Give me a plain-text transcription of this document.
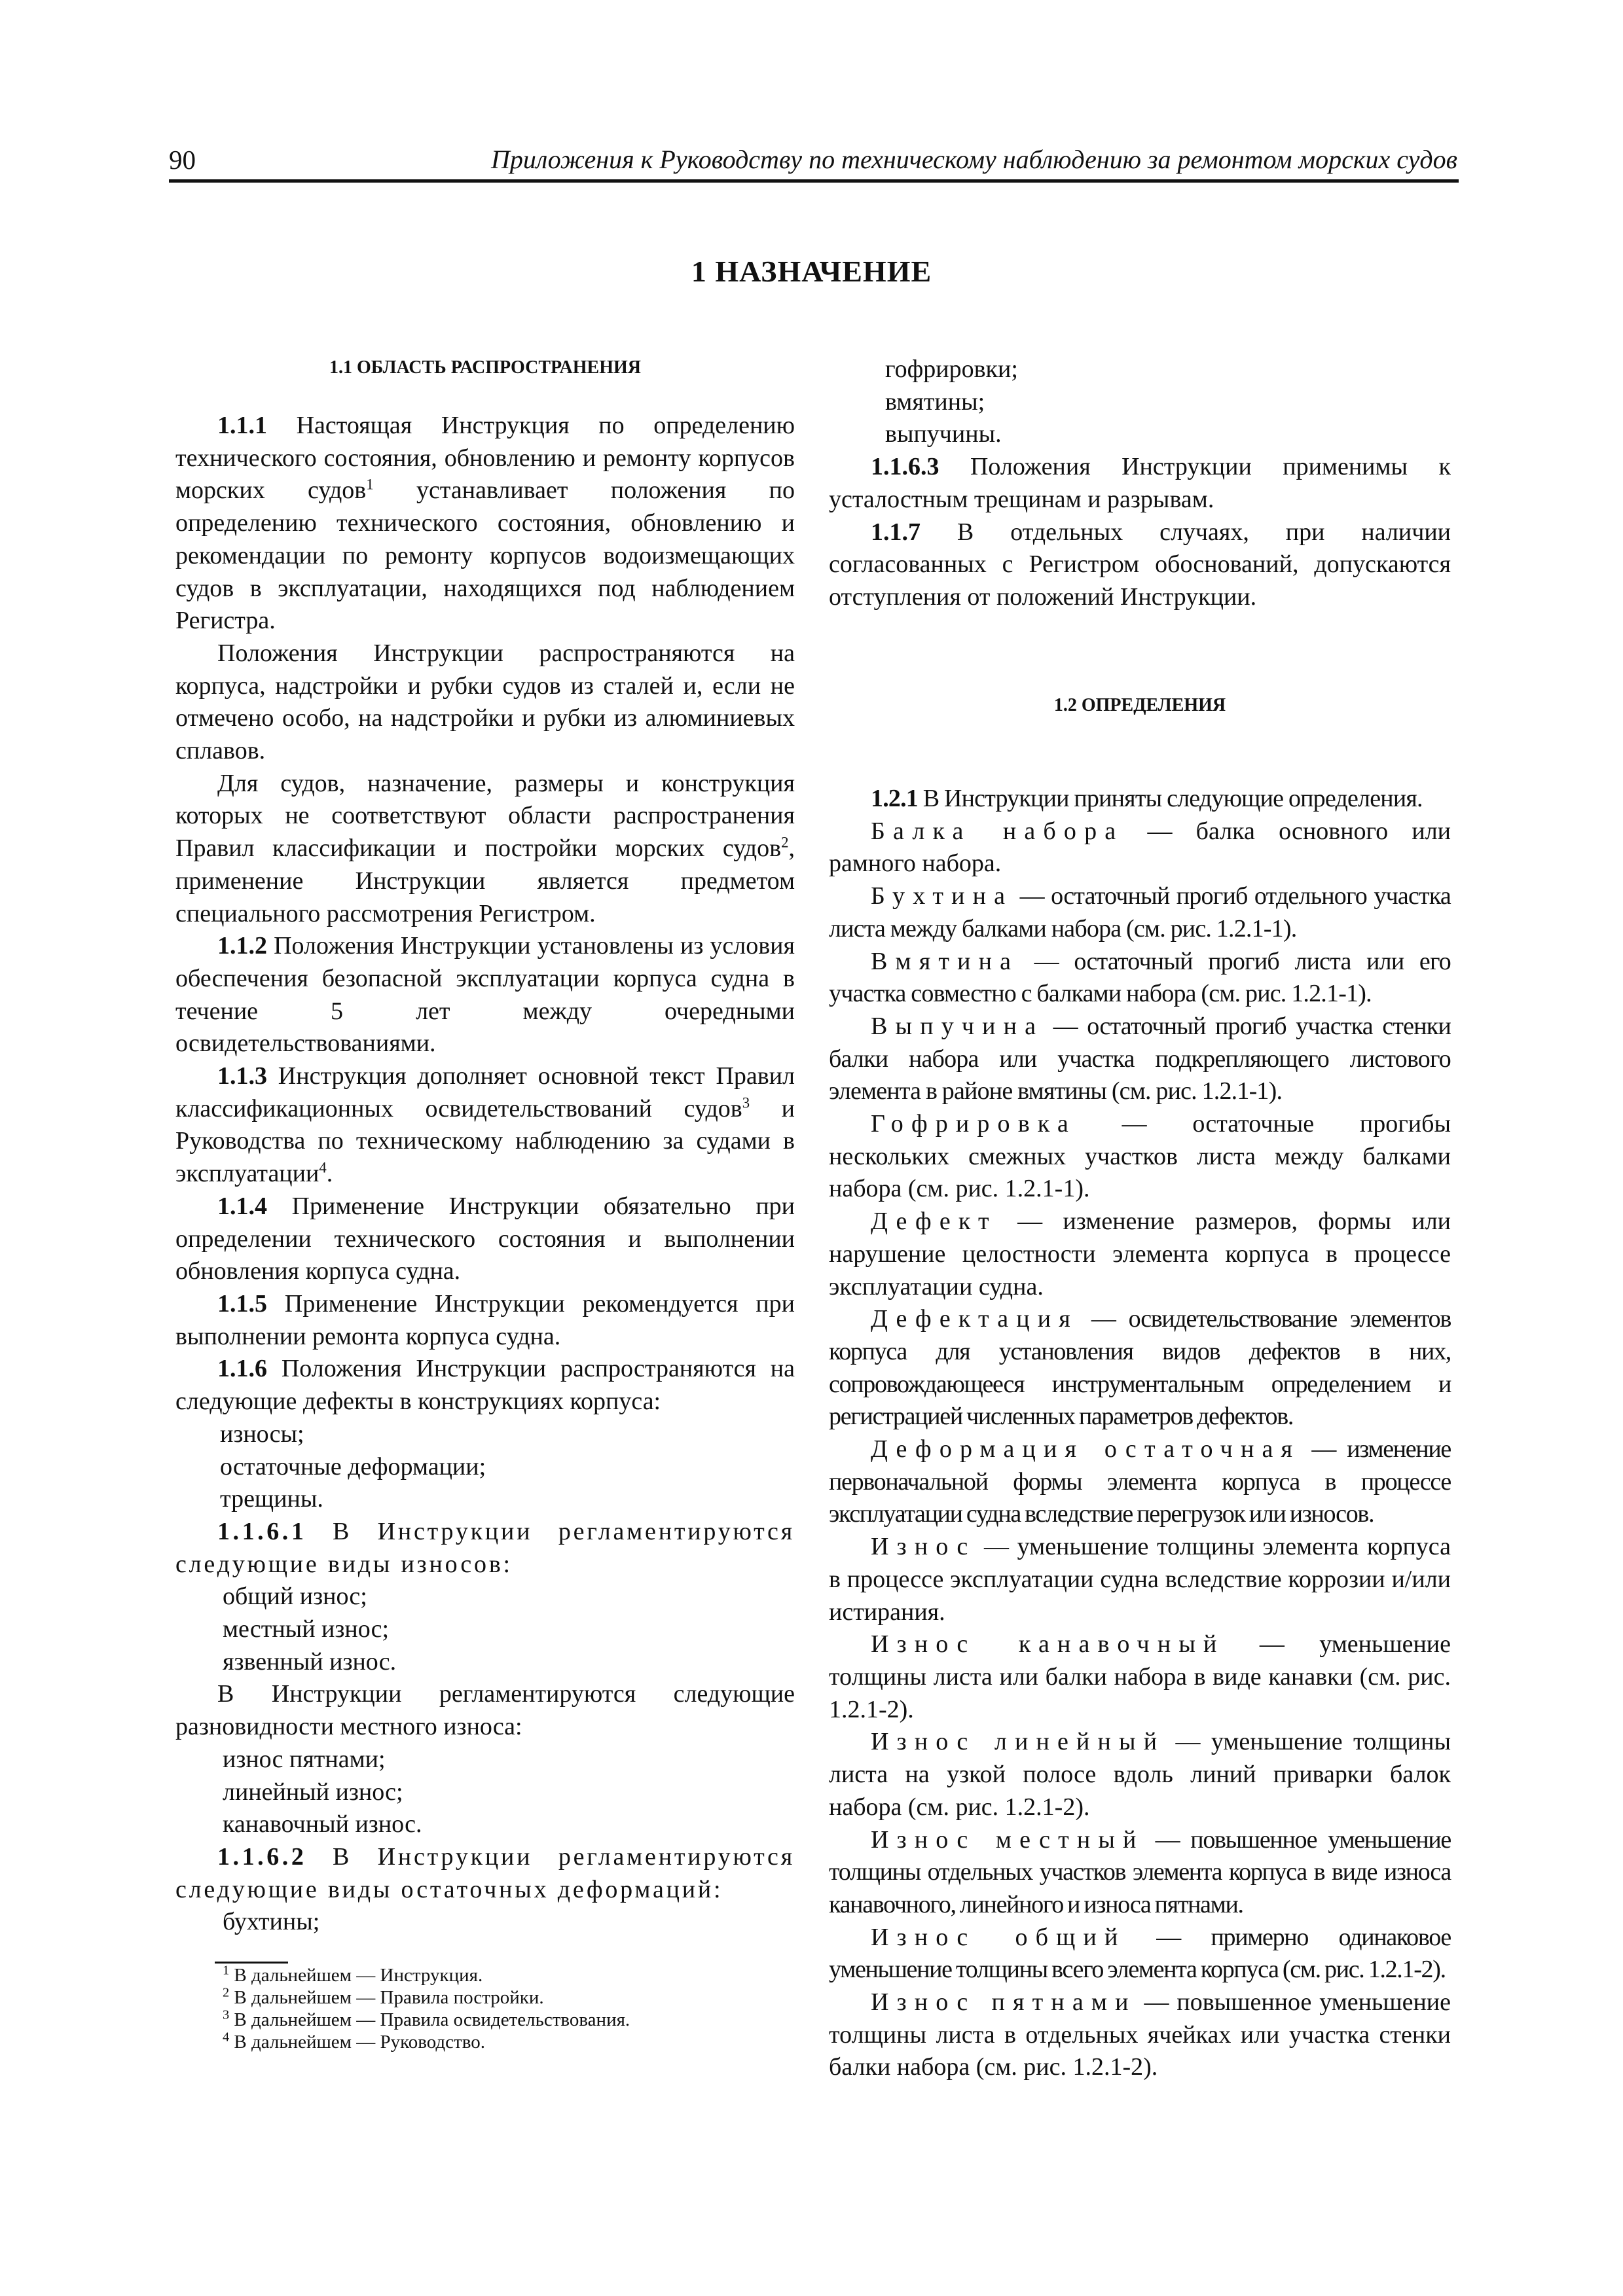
90	Приложения к Руководству по техническому наблюдению за ремонтом морских судов
1 НАЗНАЧЕНИЕ
1.1 ОБЛАСТЬ РАСПРОСТРАНЕНИЯ

1.1.1 Настоящая Инструкция по определению технического состояния, обновлению и ремонту корпусов морских судов$^1$ устанавливает положения по определению технического состояния, обновлению и рекомендации по ремонту корпусов водоизмещающих судов в эксплуатации, находящихся под наблюдением Регистра.

Положения Инструкции распространяются на корпуса, надстройки и рубки судов из сталей и, если не отмечено особо, на надстройки и рубки из алюминиевых сплавов.

Для судов, назначение, размеры и конструкция которых не соответствуют области распространения Правил классификации и постройки морских судов$^2$, применение Инструкции является предметом специального рассмотрения Регистром.

1.1.2 Положения Инструкции установлены из условия обеспечения безопасной эксплуатации корпуса судна в течение 5 лет между очередными освидетельствованиями.

1.1.3 Инструкция дополняет основной текст Правил классификационных освидетельствований судов$^3$ и Руководства по техническому наблюдению за судами в эксплуатации$^4$.

1.1.4 Применение Инструкции обязательно при определении технического состояния и выполнении обновления корпуса судна.

1.1.5 Применение Инструкции рекомендуется при выполнении ремонта корпуса судна.

1.1.6 Положения Инструкции распространяются на следующие дефекты в конструкциях корпуса:

износы;

остаточные деформации;

трещины.

1.1.6.1 В Инструкции регламентируются следующие виды износов:

общий износ;

местный износ;

язвенный износ.

В Инструкции регламентируются следующие разновидности местного износа:

износ пятнами;

линейный износ;

канавочный износ.

1.1.6.2 В Инструкции регламентируются следующие виды остаточных деформаций:

бухтины;

гофрировки;

вмятины;

выпучины.

1.1.6.3 Положения Инструкции применимы к усталостным трещинам и разрывам.

1.1.7 В отдельных случаях, при наличии согласованных с Регистром обоснований, допускаются отступления от положений Инструкции.

1.2 ОПРЕДЕЛЕНИЯ

1.2.1 В Инструкции приняты следующие определения.

Балка набора — балка основного или рамного набора.

Бухтина — остаточный прогиб отдельного участка листа между балками набора (см. рис. 1.2.1-1).

Вмятина — остаточный прогиб листа или его участка совместно с балками набора (см. рис. 1.2.1-1).

Выпучина — остаточный прогиб участка стенки балки набора или участка подкрепляющего листового элемента в районе вмятины (см. рис. 1.2.1-1).

Гофрировка — остаточные прогибы нескольких смежных участков листа между балками набора (см. рис. 1.2.1-1).

Дефект — изменение размеров, формы или нарушение целостности элемента корпуса в процессе эксплуатации судна.

Дефектация — освидетельствование элементов корпуса для установления видов дефектов в них, сопровождающееся инструментальным определением и регистрацией численных параметров дефектов.

Деформация остаточная — изменение первоначальной формы элемента корпуса в процессе эксплуатации судна вследствие перегрузок или износов.

Износ — уменьшение толщины элемента корпуса в процессе эксплуатации судна вследствие коррозии и/или истирания.

Износ канавочный — уменьшение толщины листа или балки набора в виде канавки (см. рис. 1.2.1-2).

Износ линейный — уменьшение толщины листа на узкой полосе вдоль линий приварки балок набора (см. рис. 1.2.1-2).

Износ местный — повышенное уменьшение толщины отдельных участков элемента корпуса в виде износа канавочного, линейного и износа пятнами.

Износ общий — примерно одинаковое уменьшение толщины всего элемента корпуса (см. рис. 1.2.1-2).

Износ пятнами — повышенное уменьшение толщины листа в отдельных ячейках или участка стенки балки набора (см. рис. 1.2.1-2).

$^1$ В дальнейшем — Инструкция.
$^2$ В дальнейшем — Правила постройки.
$^3$ В дальнейшем — Правила освидетельствования.
$^4$ В дальнейшем — Руководство.
